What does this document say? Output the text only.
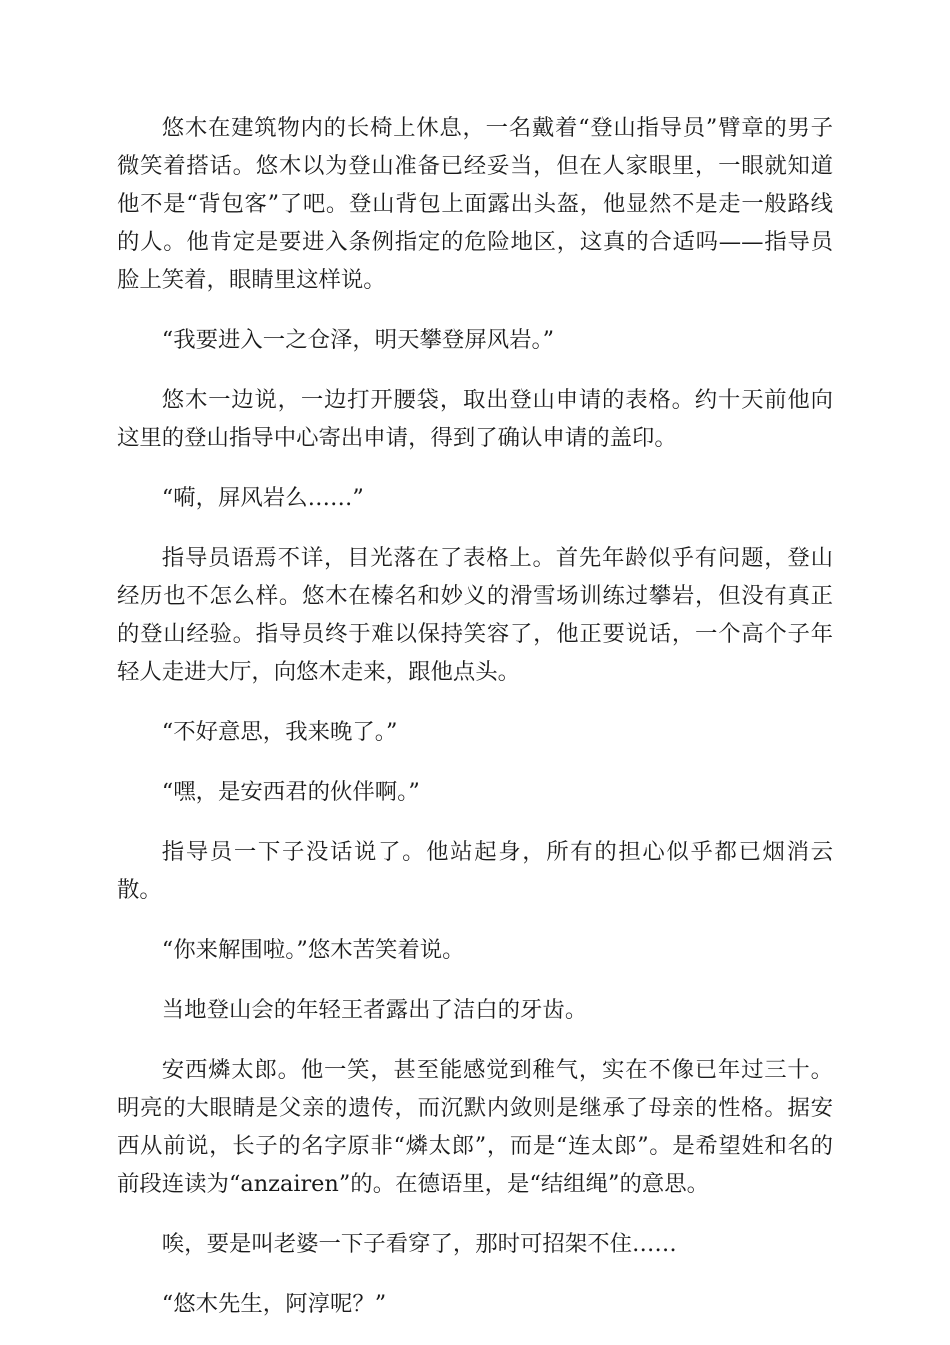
悠木在建筑物内的长椅上休息，一名戴着“登山指导员”臂章的男子微笑着搭话。悠木以为登山准备已经妥当，但在人家眼里，一眼就知道他不是“背包客”了吧。登山背包上面露出头盔，他显然不是走一般路线的人。他肯定是要进入条例指定的危险地区，这真的合适吗——指导员脸上笑着，眼睛里这样说。

“我要进入一之仓泽，明天攀登屏风岩。”

悠木一边说，一边打开腰袋，取出登山申请的表格。约十天前他向这里的登山指导中心寄出申请，得到了确认申请的盖印。

“嗬，屏风岩么……”

指导员语焉不详，目光落在了表格上。首先年龄似乎有问题，登山经历也不怎么样。悠木在榛名和妙义的滑雪场训练过攀岩，但没有真正的登山经验。指导员终于难以保持笑容了，他正要说话，一个高个子年轻人走进大厅，向悠木走来，跟他点头。

“不好意思，我来晚了。”

“嘿，是安西君的伙伴啊。”

指导员一下子没话说了。他站起身，所有的担心似乎都已烟消云散。

“你来解围啦。”悠木苦笑着说。

当地登山会的年轻王者露出了洁白的牙齿。

安西燐太郎。他一笑，甚至能感觉到稚气，实在不像已年过三十。明亮的大眼睛是父亲的遗传，而沉默内敛则是继承了母亲的性格。据安西从前说，长子的名字原非“燐太郎”，而是“连太郎”。是希望姓和名的前段连读为“anzairen”的。在德语里，是“结组绳”的意思。

唉，要是叫老婆一下子看穿了，那时可招架不住……

“悠木先生，阿淳呢？”
